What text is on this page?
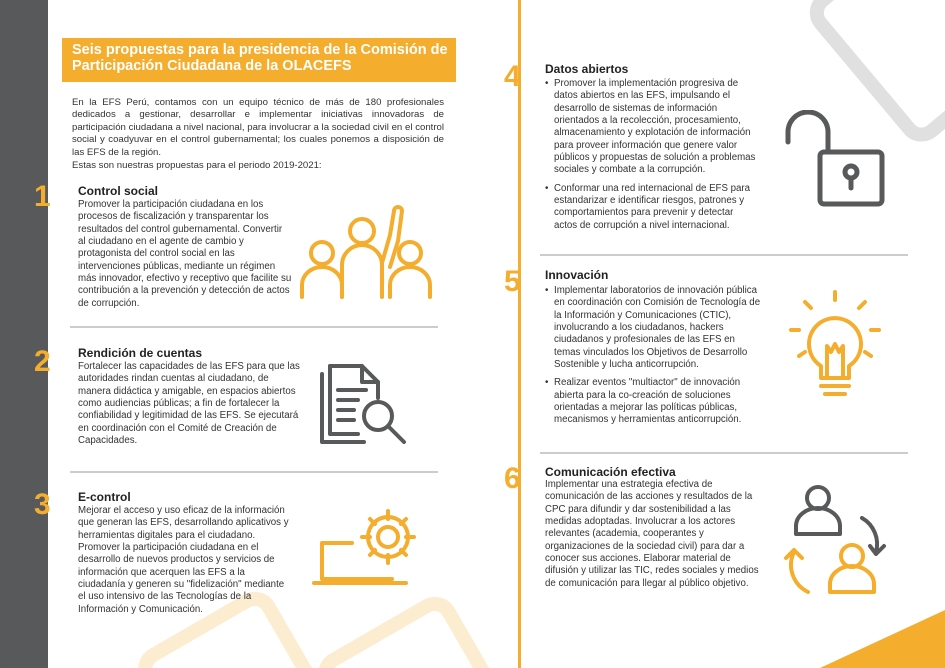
Seis propuestas para la presidencia de la Comisión de Participación Ciudadana de la OLACEFS
En la EFS Perú, contamos con un equipo técnico de más de 180 profesionales dedicados a gestionar, desarrollar e implementar iniciativas innovadoras de participación ciudadana a nivel nacional, para involucrar a la sociedad civil en el control social y coadyuvar en el control gubernamental; los cuales ponemos a disposición de las EFS de la región.
Estas son nuestras propuestas para el periodo 2019-2021:
1 Control social
Promover la participación ciudadana en los procesos de fiscalización y transparentar los resultados del control gubernamental. Convertir al ciudadano en el agente de cambio y protagonista del control social en las intervenciones públicas, mediante un régimen más innovador, efectivo y receptivo que facilite su contribución a la prevención y detección de actos de corrupción.
2 Rendición de cuentas
Fortalecer las capacidades de las EFS para que las autoridades rindan cuentas al ciudadano, de manera didáctica y amigable, en espacios abiertos como audiencias públicas; a fin de fortalecer la confiabilidad y legitimidad de las EFS. Se ejecutará en coordinación con el Comité de Creación de Capacidades.
3 E-control
Mejorar el acceso y uso eficaz de la información que generan las EFS, desarrollando aplicativos y herramientas digitales para el ciudadano. Promover la participación ciudadana en el desarrollo de nuevos productos y servicios de información que acerquen las EFS a la ciudadanía y generen su "fidelización" mediante el uso intensivo de las Tecnologías de la Información y Comunicación.
4 Datos abiertos
• Promover la implementación progresiva de datos abiertos en las EFS, impulsando el desarrollo de sistemas de información orientados a la recolección, procesamiento, almacenamiento y explotación de información para proveer información que genere valor públicos y propuestas de solución a problemas sociales y combate a la corrupción.
• Conformar una red internacional de EFS para estandarizar e identificar riesgos, patrones y comportamientos para prevenir y detectar actos de corrupción a nivel internacional.
5 Innovación
• Implementar laboratorios de innovación pública en coordinación con Comisión de Tecnología de la Información y Comunicaciones (CTIC), involucrando a los ciudadanos, hackers ciudadanos y profesionales de las EFS en temas vinculados los Objetivos de Desarrollo Sostenible y lucha anticorrupción.
• Realizar eventos "multiactor" de innovación abierta para la co-creación de soluciones orientadas a mejorar las políticas públicas, mecanismos y herramientas anticorrupción.
6 Comunicación efectiva
Implementar una estrategia efectiva de comunicación de las acciones y resultados de la CPC para difundir y dar sostenibilidad a las medidas adoptadas. Involucrar a los actores relevantes (academia, cooperantes y organizaciones de la sociedad civil) para dar a conocer sus acciones. Elaborar material de difusión y utilizar las TIC, redes sociales y medios de comunicación para llegar al público objetivo.
